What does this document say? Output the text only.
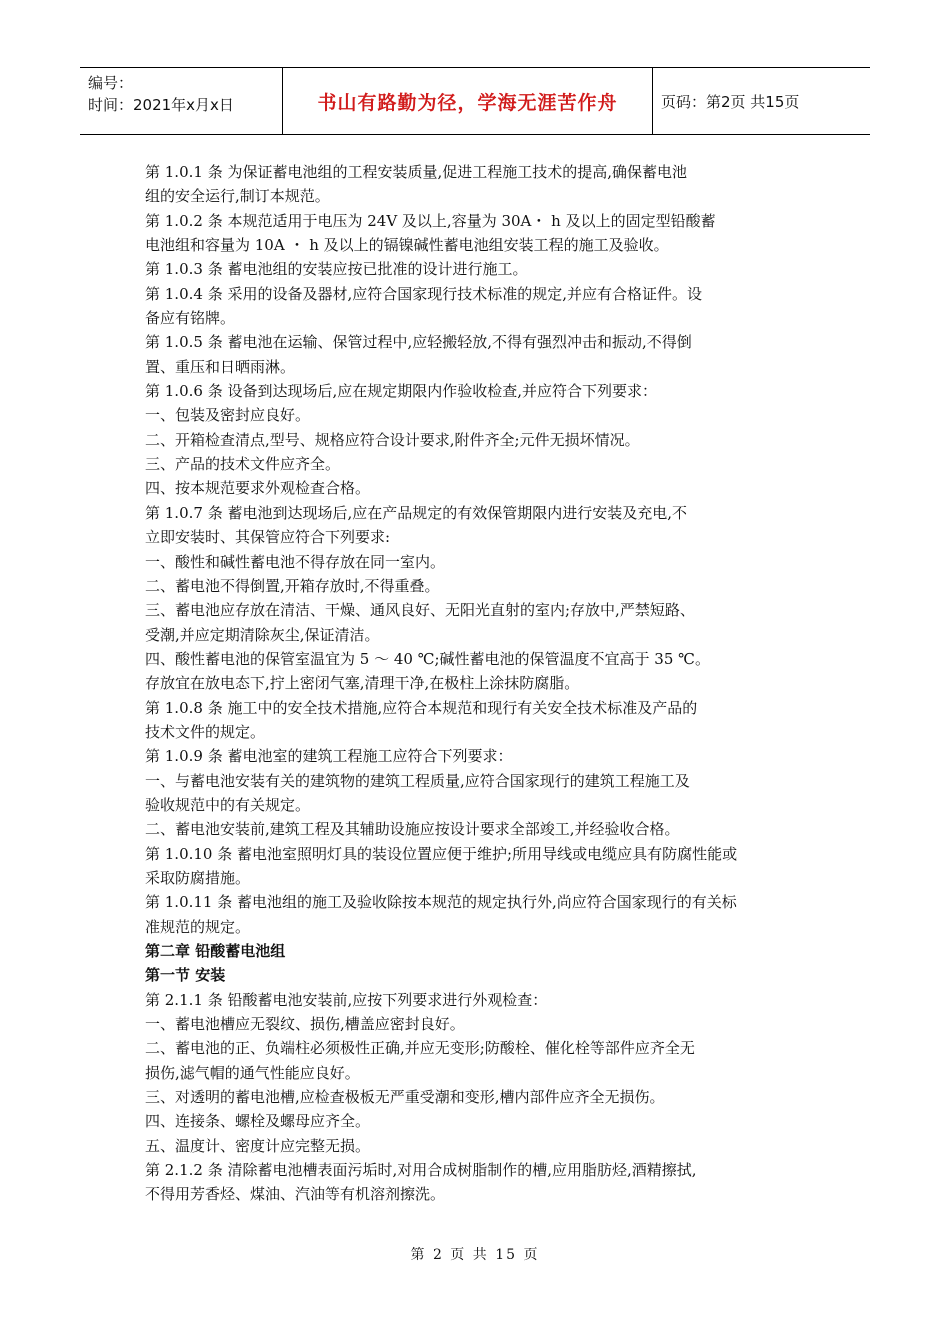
编号：
时间：2021年x月x日	书山有路勤为径，学海无涯苦作舟	页码：第2页 共15页
第 1.0.1 条 为保证蓄电池组的工程安装质量,促进工程施工技术的提高,确保蓄电池
组的安全运行,制订本规范。
第 1.0.2 条 本规范适用于电压为 24V 及以上,容量为 30A・ h 及以上的固定型铅酸蓄
电池组和容量为 10A ・ h 及以上的镉镍碱性蓄电池组安装工程的施工及验收。
第 1.0.3 条 蓄电池组的安装应按已批准的设计进行施工。
第 1.0.4 条 采用的设备及器材,应符合国家现行技术标准的规定,并应有合格证件。设
备应有铭牌。
第 1.0.5 条 蓄电池在运输、保管过程中,应轻搬轻放,不得有强烈冲击和振动,不得倒
置、重压和日晒雨淋。
第 1.0.6 条 设备到达现场后,应在规定期限内作验收检查,并应符合下列要求：
一、包装及密封应良好。
二、开箱检查清点,型号、规格应符合设计要求,附件齐全;元件无损坏情况。
三、产品的技术文件应齐全。
四、按本规范要求外观检查合格。
第 1.0.7 条 蓄电池到达现场后,应在产品规定的有效保管期限内进行安装及充电,不
立即安装时、其保管应符合下列要求:
一、酸性和碱性蓄电池不得存放在同一室内。
二、蓄电池不得倒置,开箱存放时,不得重叠。
三、蓄电池应存放在清洁、干燥、通风良好、无阳光直射的室内;存放中,严禁短路、
受潮,并应定期清除灰尘,保证清洁。
四、酸性蓄电池的保管室温宜为 5 ～ 40 ℃;碱性蓄电池的保管温度不宜高于 35 ℃。
存放宜在放电态下,拧上密闭气塞,清理干净,在极柱上涂抹防腐脂。
第 1.0.8 条 施工中的安全技术措施,应符合本规范和现行有关安全技术标准及产品的
技术文件的规定。
第 1.0.9 条 蓄电池室的建筑工程施工应符合下列要求：
一、与蓄电池安装有关的建筑物的建筑工程质量,应符合国家现行的建筑工程施工及
验收规范中的有关规定。
二、蓄电池安装前,建筑工程及其辅助设施应按设计要求全部竣工,并经验收合格。
第 1.0.10 条 蓄电池室照明灯具的装设位置应便于维护;所用导线或电缆应具有防腐性能或
采取防腐措施。
第 1.0.11 条 蓄电池组的施工及验收除按本规范的规定执行外,尚应符合国家现行的有关标
准规范的规定。
第二章 铅酸蓄电池组
第一节 安装
第 2.1.1 条 铅酸蓄电池安装前,应按下列要求进行外观检查：
一、蓄电池槽应无裂纹、损伤,槽盖应密封良好。
二、蓄电池的正、负端柱必须极性正确,并应无变形;防酸栓、催化栓等部件应齐全无
损伤,滤气帽的通气性能应良好。
三、对透明的蓄电池槽,应检查极板无严重受潮和变形,槽内部件应齐全无损伤。
四、连接条、螺栓及螺母应齐全。
五、温度计、密度计应完整无损。
第 2.1.2 条 清除蓄电池槽表面污垢时,对用合成树脂制作的槽,应用脂肪烃,酒精擦拭,
不得用芳香烃、煤油、汽油等有机溶剂擦洗。
第 2 页 共 15 页
